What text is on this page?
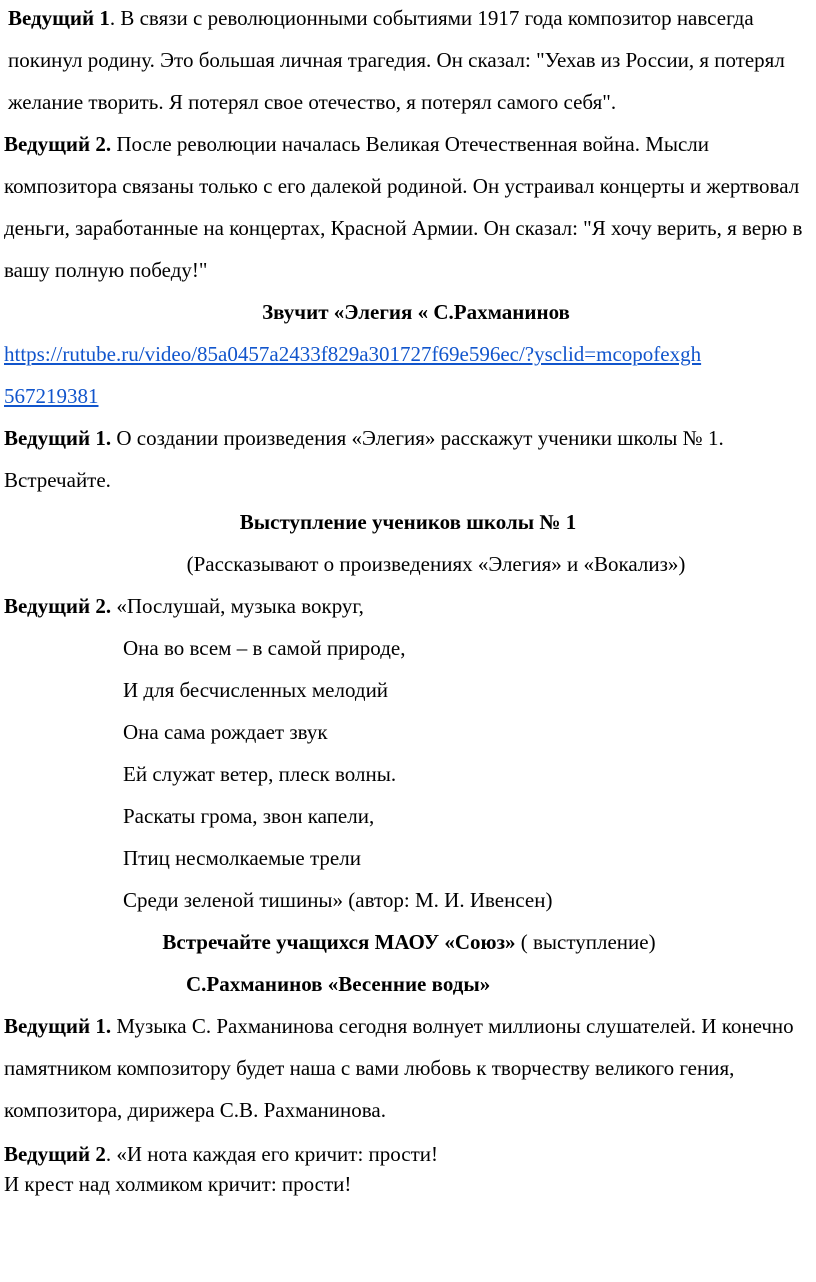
Ведущий 1. В связи с революционными событиями 1917 года композитор навсегда покинул родину. Это большая личная трагедия. Он сказал: "Уехав из России, я потерял желание творить. Я потерял свое отечество, я потерял самого себя".

Ведущий 2. После революции началась Великая Отечественная война. Мысли композитора связаны только с его далекой родиной. Он устраивал концерты и жертвовал деньги, заработанные на концертах, Красной Армии. Он сказал: "Я хочу верить, я верю в вашу полную победу!"

Звучит «Элегия « С.Рахманинов

https://rutube.ru/video/85a0457a2433f829a301727f69e596ec/?ysclid=mcopofexgh
567219381

Ведущий 1. О создании произведения «Элегия» расскажут ученики школы № 1. Встречайте.

Выступление учеников школы № 1

(Рассказывают о произведениях «Элегия» и «Вокализ»)

Ведущий 2. «Послушай, музыка вокруг,

Она во всем – в самой природе,

И для бесчисленных мелодий

Она сама рождает звук

Ей служат ветер, плеск волны.

Раскаты грома, звон капели,

Птиц несмолкаемые трели

Среди зеленой тишины» (автор: М. И. Ивенсен)

Встречайте учащихся МАОУ «Союз» ( выступление)

С.Рахманинов «Весенние воды»

Ведущий 1. Музыка С. Рахманинова сегодня волнует миллионы слушателей. И конечно памятником композитору будет наша с вами любовь к творчеству великого гения, композитора, дирижера С.В. Рахманинова.

Ведущий 2. «И нота каждая его кричит: прости!
И крест над холмиком кричит: прости!
